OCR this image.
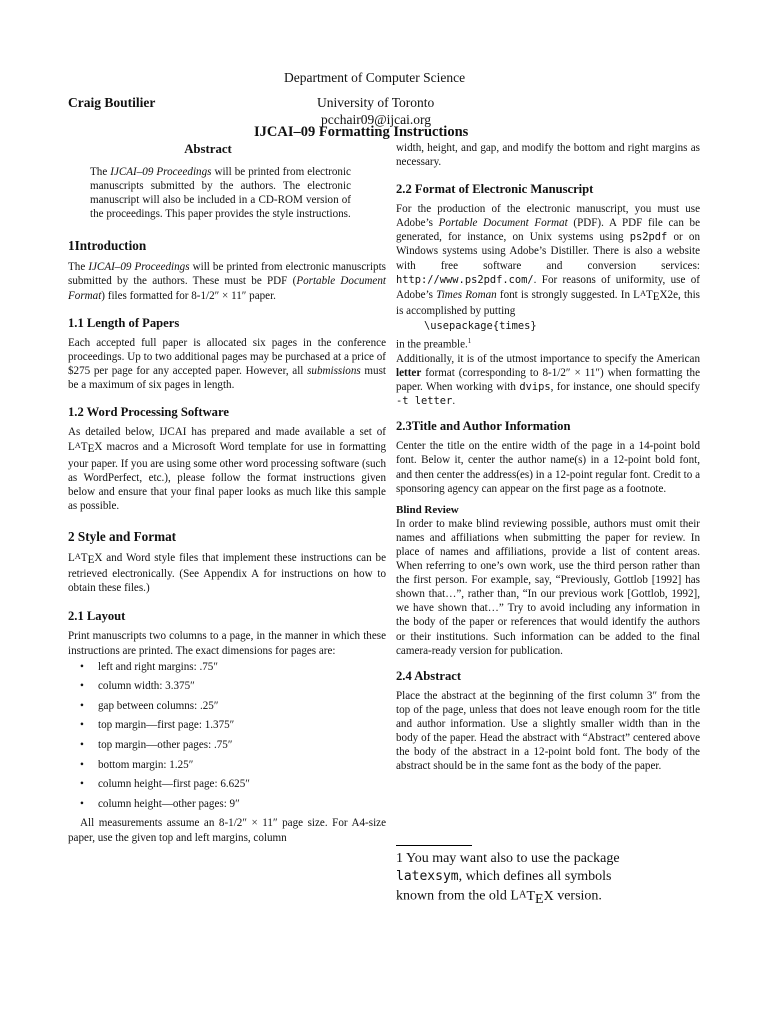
Department of Computer Science
Craig Boutilier	University of Toronto
pcchair09@ijcai.org
IJCAI–09 Formatting Instructions
Abstract

The IJCAI–09 Proceedings will be printed from electronic manuscripts submitted by the authors. The electronic manuscript will also be included in a CD-ROM version of the proceedings. This paper provides the style instructions.

1Introduction

The IJCAI–09 Proceedings will be printed from electronic manuscripts submitted by the authors. These must be PDF (Portable Document Format) files formatted for 8-1/2″ × 11″ paper.

1.1 Length of Papers

Each accepted full paper is allocated six pages in the conference proceedings. Up to two additional pages may be purchased at a price of $275 per page for any accepted paper. However, all submissions must be a maximum of six pages in length.

1.2 Word Processing Software

As detailed below, IJCAI has prepared and made available a set of LATEX macros and a Microsoft Word template for use in formatting your paper. If you are using some other word processing software (such as WordPerfect, etc.), please follow the format instructions given below and ensure that your final paper looks as much like this sample as possible.

2 Style and Format

LATEX and Word style files that implement these instructions can be retrieved electronically. (See Appendix A for instructions on how to obtain these files.)

2.1 Layout

Print manuscripts two columns to a page, in the manner in which these instructions are printed. The exact dimensions for pages are:

• left and right margins: .75″
• column width: 3.375″
• gap between columns: .25″
• top margin—first page: 1.375″
• top margin—other pages: .75″
• bottom margin: 1.25″
• column height—first page: 6.625″
• column height—other pages: 9″

All measurements assume an 8-1/2″ × 11″ page size. For A4-size paper, use the given top and left margins, column

width, height, and gap, and modify the bottom and right margins as necessary.

2.2 Format of Electronic Manuscript

For the production of the electronic manuscript, you must use Adobe’s Portable Document Format (PDF). A PDF file can be generated, for instance, on Unix systems using ps2pdf or on Windows systems using Adobe’s Distiller. There is also a website with free software and conversion services: http://www.ps2pdf.com/. For reasons of uniformity, use of Adobe’s Times Roman font is strongly suggested. In LATEX2e, this is accomplished by putting

\usepackage{times}

in the preamble.$^1$

Additionally, it is of the utmost importance to specify the American letter format (corresponding to 8-1/2″ × 11″) when formatting the paper. When working with dvips, for instance, one should specify -t letter.

2.3Title and Author Information

Center the title on the entire width of the page in a 14-point bold font. Below it, center the author name(s) in a 12-point bold font, and then center the address(es) in a 12-point regular font. Credit to a sponsoring agency can appear on the first page as a footnote.

Blind Review

In order to make blind reviewing possible, authors must omit their names and affiliations when submitting the paper for review. In place of names and affiliations, provide a list of content areas. When referring to one’s own work, use the third person rather than the first person. For example, say, “Previously, Gottlob [1992] has shown that…”, rather than, “In our previous work [Gottlob, 1992], we have shown that…” Try to avoid including any information in the body of the paper or references that would identify the authors or their institutions. Such information can be added to the final camera-ready version for publication.

2.4 Abstract

Place the abstract at the beginning of the first column 3″ from the top of the page, unless that does not leave enough room for the title and author information. Use a slightly smaller width than in the body of the paper. Head the abstract with “Abstract” centered above the body of the abstract in a 12-point bold font. The body of the abstract should be in the same font as the body of the paper.

1 You may want also to use the package latexsym, which defines all symbols known from the old LATEX version.
